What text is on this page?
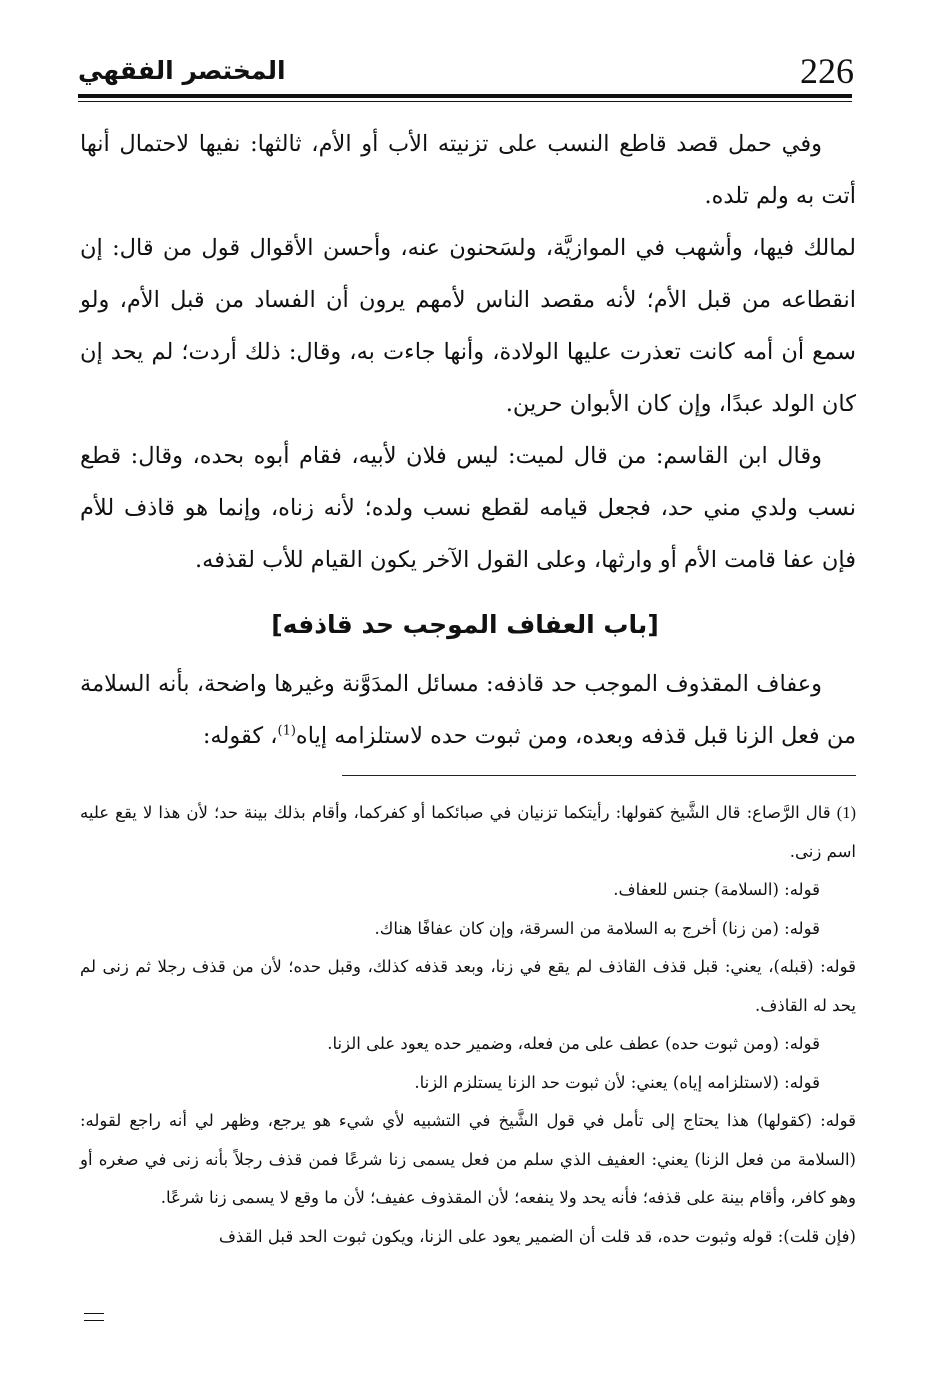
226
المختصر الفقهي

وفي حمل قصد قاطع النسب على تزنيته الأب أو الأم، ثالثها: نفيها لاحتمال أنها أتت به ولم تلده.

لمالك فيها، وأشهب في الموازيَّة، ولسَحنون عنه، وأحسن الأقوال قول من قال: إن انقطاعه من قبل الأم؛ لأنه مقصد الناس لأمهم يرون أن الفساد من قبل الأم، ولو سمع أن أمه كانت تعذرت عليها الولادة، وأنها جاءت به، وقال: ذلك أردت؛ لم يحد إن كان الولد عبدًا، وإن كان الأبوان حرين.

وقال ابن القاسم: من قال لميت: ليس فلان لأبيه، فقام أبوه بحده، وقال: قطع نسب ولدي مني حد، فجعل قيامه لقطع نسب ولده؛ لأنه زناه، وإنما هو قاذف للأم فإن عفا قامت الأم أو وارثها، وعلى القول الآخر يكون القيام للأب لقذفه.

[باب العفاف الموجب حد قاذفه]

وعفاف المقذوف الموجب حد قاذفه: مسائل المدَوَّنة وغيرها واضحة، بأنه السلامة من فعل الزنا قبل قذفه وبعده، ومن ثبوت حده لاستلزامه إياه$^{(1)}$، كقوله:

(1) قال الرَّصاع: قال الشَّيخ كقولها: رأيتكما تزنيان في صبائكما أو كفركما، وأقام بذلك بينة حد؛ لأن هذا لا يقع عليه اسم زنى.

قوله: (السلامة) جنس للعفاف.

قوله: (من زنا) أخرج به السلامة من السرقة، وإن كان عفافًا هناك.

قوله: (قبله)، يعني: قبل قذف القاذف لم يقع في زنا، وبعد قذفه كذلك، وقبل حده؛ لأن من قذف رجلا ثم زنى لم يحد له القاذف.

قوله: (ومن ثبوت حده) عطف على من فعله، وضمير حده يعود على الزنا.

قوله: (لاستلزامه إياه) يعني: لأن ثبوت حد الزنا يستلزم الزنا.

قوله: (كقولها) هذا يحتاج إلى تأمل في قول الشَّيخ في التشبيه لأي شيء هو يرجع، وظهر لي أنه راجع لقوله: (السلامة من فعل الزنا) يعني: العفيف الذي سلم من فعل يسمى زنا شرعًا فمن قذف رجلاً بأنه زنى في صغره أو وهو كافر، وأقام بينة على قذفه؛ فأنه يحد ولا ينفعه؛ لأن المقذوف عفيف؛ لأن ما وقع لا يسمى زنا شرعًا.

(فإن قلت): قوله وثبوت حده، قد قلت أن الضمير يعود على الزنا، ويكون ثبوت الحد قبل القذف
